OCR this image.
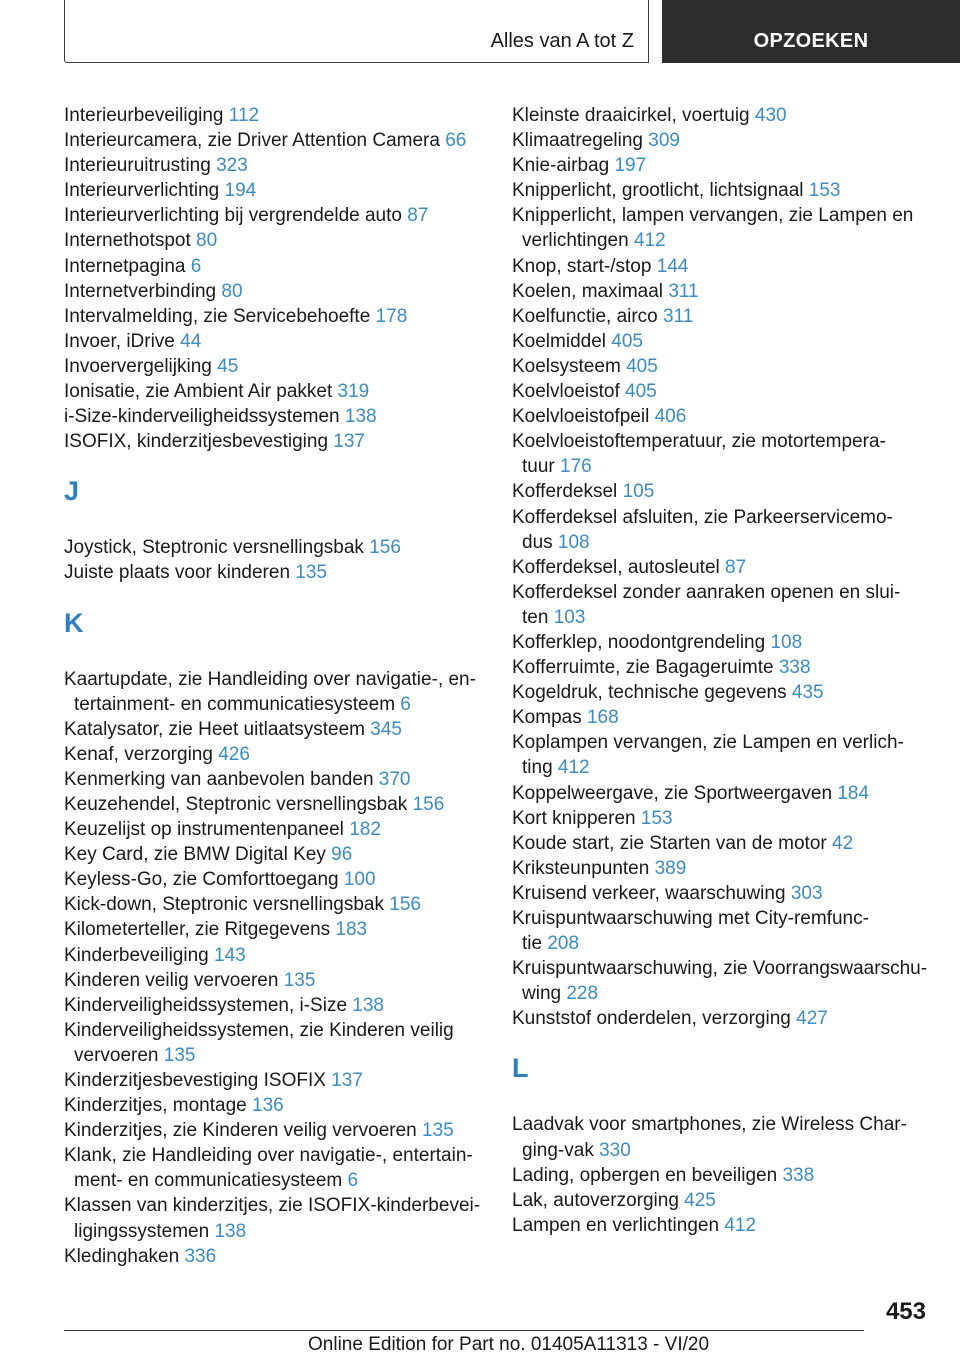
Alles van A tot Z	OPZOEKEN
Interieurbeveiliging 112
Interieurcamera, zie Driver Attention Camera 66
Interieuruitrusting 323
Interieurverlichting 194
Interieurverlichting bij vergrendelde auto 87
Internethotspot 80
Internetpagina 6
Internetverbinding 80
Intervalmelding, zie Servicebehoefte 178
Invoer, iDrive 44
Invoervergelijking 45
Ionisatie, zie Ambient Air pakket 319
i-Size-kinderveiligheidssystemen 138
ISOFIX, kinderzitjesbevestiging 137
J
Joystick, Steptronic versnellingsbak 156
Juiste plaats voor kinderen 135
K
Kaartupdate, zie Handleiding over navigatie-, en-
tertainment- en communicatiesysteem 6
Katalysator, zie Heet uitlaatsysteem 345
Kenaf, verzorging 426
Kenmerking van aanbevolen banden 370
Keuzehendel, Steptronic versnellingsbak 156
Keuzelijst op instrumentenpaneel 182
Key Card, zie BMW Digital Key 96
Keyless-Go, zie Comforttoegang 100
Kick-down, Steptronic versnellingsbak 156
Kilometerteller, zie Ritgegevens 183
Kinderbeveiliging 143
Kinderen veilig vervoeren 135
Kinderveiligheidssystemen, i-Size 138
Kinderveiligheidssystemen, zie Kinderen veilig
vervoeren 135
Kinderzitjesbevestiging ISOFIX 137
Kinderzitjes, montage 136
Kinderzitjes, zie Kinderen veilig vervoeren 135
Klank, zie Handleiding over navigatie-, entertain-
ment- en communicatiesysteem 6
Klassen van kinderzitjes, zie ISOFIX-kinderbevei-
ligingssystemen 138
Kledinghaken 336
Kleinste draaicirkel, voertuig 430
Klimaatregeling 309
Knie-airbag 197
Knipperlicht, grootlicht, lichtsignaal 153
Knipperlicht, lampen vervangen, zie Lampen en
verlichtingen 412
Knop, start-/stop 144
Koelen, maximaal 311
Koelfunctie, airco 311
Koelmiddel 405
Koelsysteem 405
Koelvloeistof 405
Koelvloeistofpeil 406
Koelvloeistoftemperatuur, zie motortempera-
tuur 176
Kofferdeksel 105
Kofferdeksel afsluiten, zie Parkeerservicemo-
dus 108
Kofferdeksel, autosleutel 87
Kofferdeksel zonder aanraken openen en slui-
ten 103
Kofferklep, noodontgrendeling 108
Kofferruimte, zie Bagageruimte 338
Kogeldruk, technische gegevens 435
Kompas 168
Koplampen vervangen, zie Lampen en verlich-
ting 412
Koppelweergave, zie Sportweergaven 184
Kort knipperen 153
Koude start, zie Starten van de motor 42
Kriksteunpunten 389
Kruisend verkeer, waarschuwing 303
Kruispuntwaarschuwing met City-remfunc-
tie 208
Kruispuntwaarschuwing, zie Voorrangswaarschu-
wing 228
Kunststof onderdelen, verzorging 427
L
Laadvak voor smartphones, zie Wireless Char-
ging-vak 330
Lading, opbergen en beveiligen 338
Lak, autoverzorging 425
Lampen en verlichtingen 412
453
Online Edition for Part no. 01405A11313 - VI/20
